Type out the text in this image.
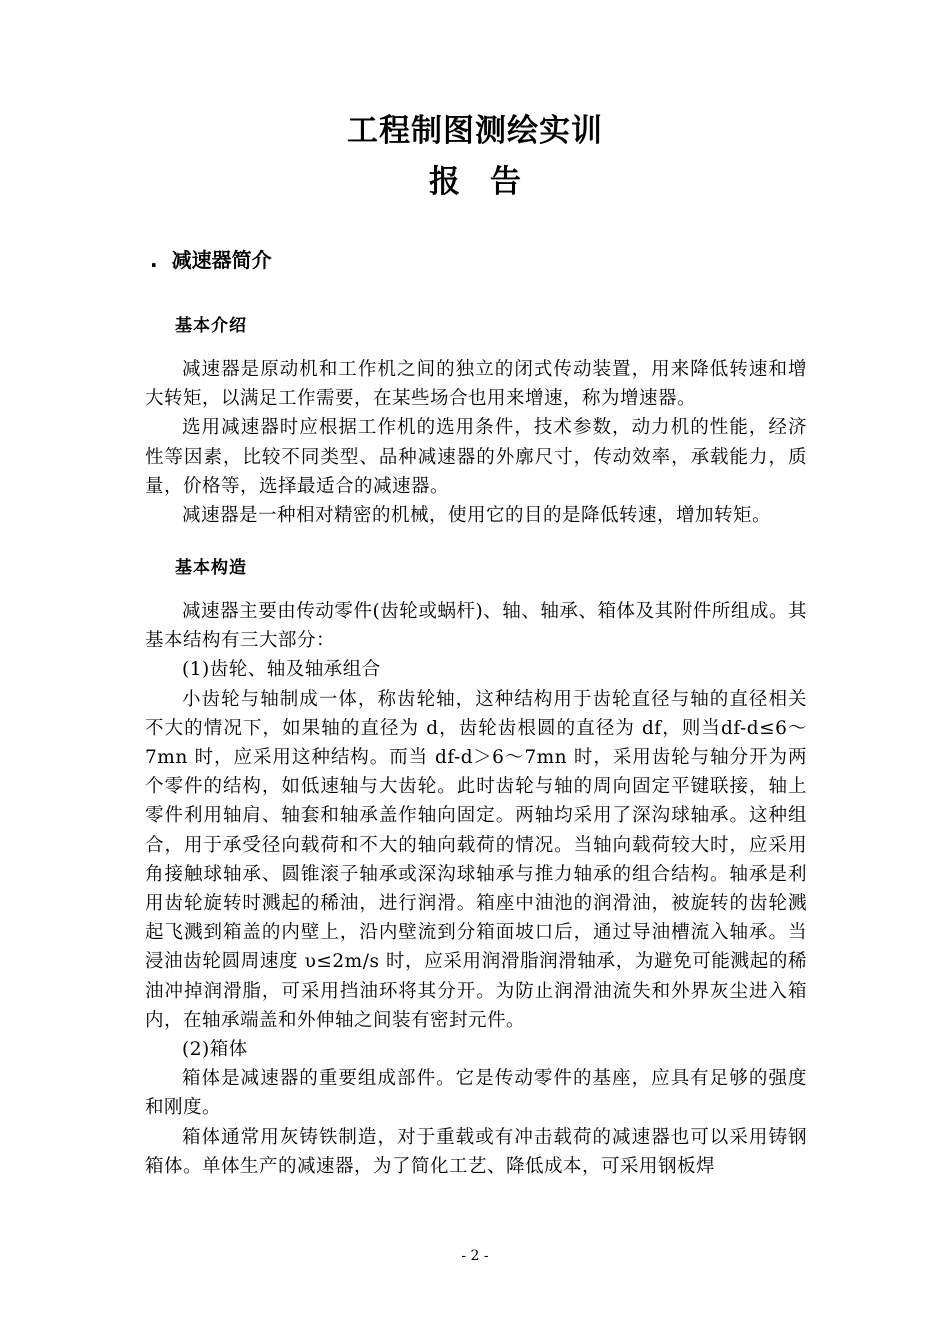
工程制图测绘实训
报告
. 减速器简介
基本介绍

减速器是原动机和工作机之间的独立的闭式传动装置，用来降低转速和增大转矩，以满足工作需要，在某些场合也用来增速，称为增速器。

选用减速器时应根据工作机的选用条件，技术参数，动力机的性能，经济性等因素，比较不同类型、品种减速器的外廓尺寸，传动效率，承载能力，质量，价格等，选择最适合的减速器。

减速器是一种相对精密的机械，使用它的目的是降低转速，增加转矩。

基本构造

减速器主要由传动零件(齿轮或蜗杆)、轴、轴承、箱体及其附件所组成。其基本结构有三大部分：

(1)齿轮、轴及轴承组合

小齿轮与轴制成一体，称齿轮轴，这种结构用于齿轮直径与轴的直径相关不大的情况下，如果轴的直径为 d，齿轮齿根圆的直径为 df，则当df-d≤6～7mn 时，应采用这种结构。而当 df-d＞6～7mn 时，采用齿轮与轴分开为两个零件的结构，如低速轴与大齿轮。此时齿轮与轴的周向固定平键联接，轴上零件利用轴肩、轴套和轴承盖作轴向固定。两轴均采用了深沟球轴承。这种组合，用于承受径向载荷和不大的轴向载荷的情况。当轴向载荷较大时，应采用角接触球轴承、圆锥滚子轴承或深沟球轴承与推力轴承的组合结构。轴承是利用齿轮旋转时溅起的稀油，进行润滑。箱座中油池的润滑油，被旋转的齿轮溅起飞溅到箱盖的内壁上，沿内壁流到分箱面坡口后，通过导油槽流入轴承。当浸油齿轮圆周速度 υ≤2m/s 时，应采用润滑脂润滑轴承，为避免可能溅起的稀油冲掉润滑脂，可采用挡油环将其分开。为防止润滑油流失和外界灰尘进入箱内，在轴承端盖和外伸轴之间装有密封元件。

(2)箱体

箱体是减速器的重要组成部件。它是传动零件的基座，应具有足够的强度和刚度。

箱体通常用灰铸铁制造，对于重载或有冲击载荷的减速器也可以采用铸钢箱体。单体生产的减速器，为了简化工艺、降低成本，可采用钢板焊

- 2 -
